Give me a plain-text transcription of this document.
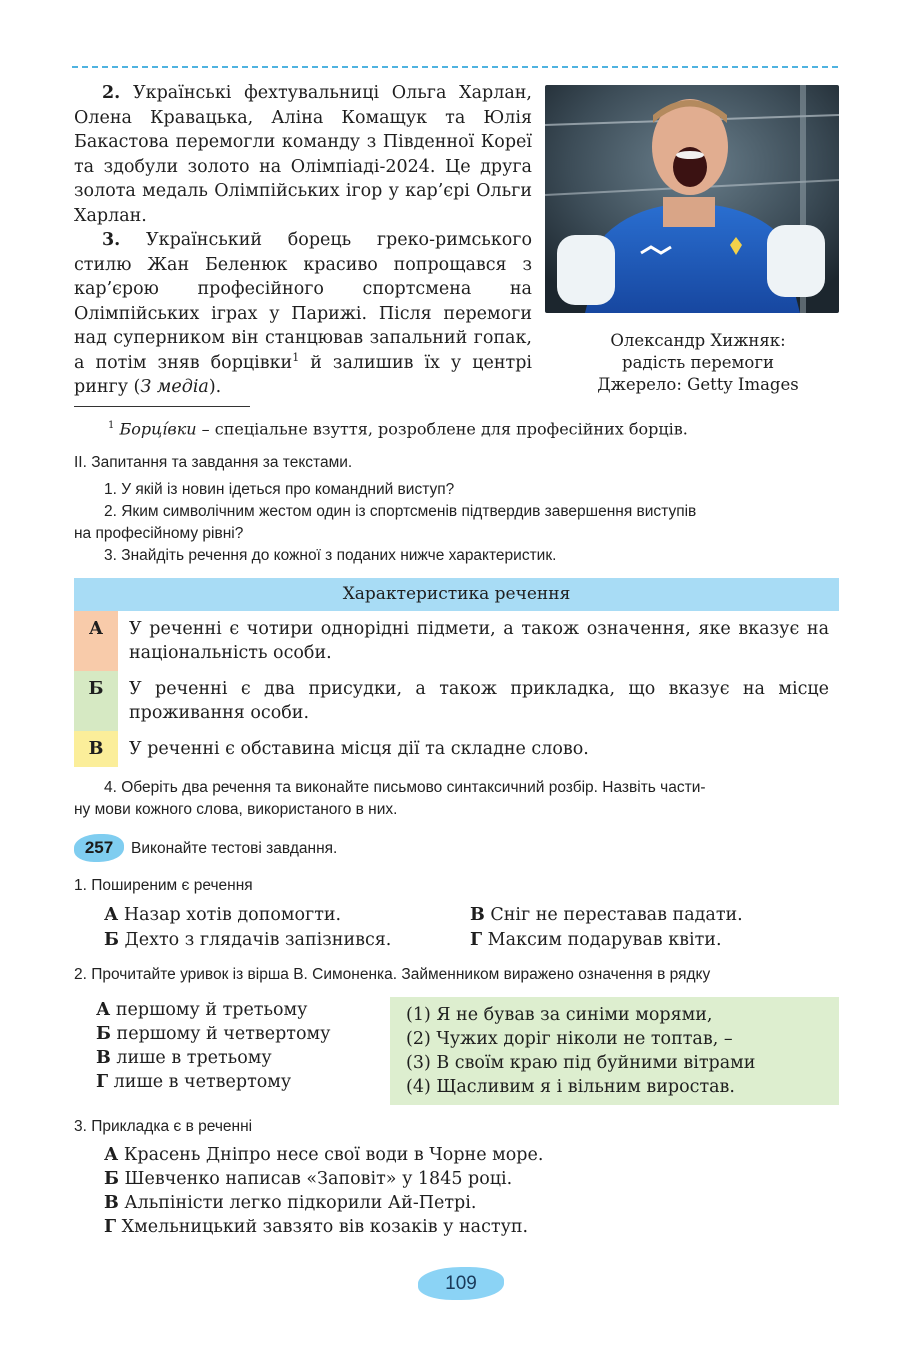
2. Українські фехтувальниці Ольга Харлан, Олена Кравацька, Аліна Комащук та Юлія Бакастова перемогли команду з Південної Кореї та здобули золото на Олімпіаді-2024. Це друга золота медаль Олімпійських ігор у кар’єрі Ольги Харлан.

3. Український борець греко-римського стилю Жан Беленюк красиво попрощався з кар’єрою професійного спортсмена на Олімпійських іграх у Парижі. Після перемоги над суперником він станцював запальний гопак, а потім зняв борцівки$^1$ й залишив їх у центрі рингу (З медіа).

Олександр Хижняк:
радість перемоги
Джерело: Getty Images
$^1$ Борці́вки – спеціальне взуття, розроблене для професійних борців.
ІІ. Запитання та завдання за текстами.
1. У якій із новин ідеться про командний виступ?
2. Яким символічним жестом один із спортсменів підтвердив завершення виступів
на професійному рівні?
3. Знайдіть речення до кожної з поданих нижче характеристик.
Характеристика речення
А	У реченні є чотири однорідні підмети, а також означення, яке вказує на національність особи.
Б	У реченні є два присудки, а також прикладка, що вказує на місце проживання особи.
В	У реченні є обставина місця дії та складне слово.
4. Оберіть два речення та виконайте письмово синтаксичний розбір. Назвіть части-
ну мови кожного слова, використаного в них.
257	Виконайте тестові завдання.
1. Поширеним є речення
А Назар хотів допомогти.
Б Дехто з глядачів запізнився.
В Сніг не переставав падати.
Г Максим подарував квіти.
2. Прочитайте уривок із вірша В. Симоненка. Займенником виражено означення в рядку
А першому й третьому
Б першому й четвертому
В лише в третьому
Г лише в четвертому
(1) Я не бував за синіми морями,
(2) Чужих доріг ніколи не топтав, –
(3) В своїм краю під буйними вітрами
(4) Щасливим я і вільним виростав.
3. Прикладка є в реченні
А Красень Дніпро несе свої води в Чорне море.
Б Шевченко написав «Заповіт» у 1845 році.
В Альпіністи легко підкорили Ай-Петрі.
Г Хмельницький завзято вів козаків у наступ.
109
